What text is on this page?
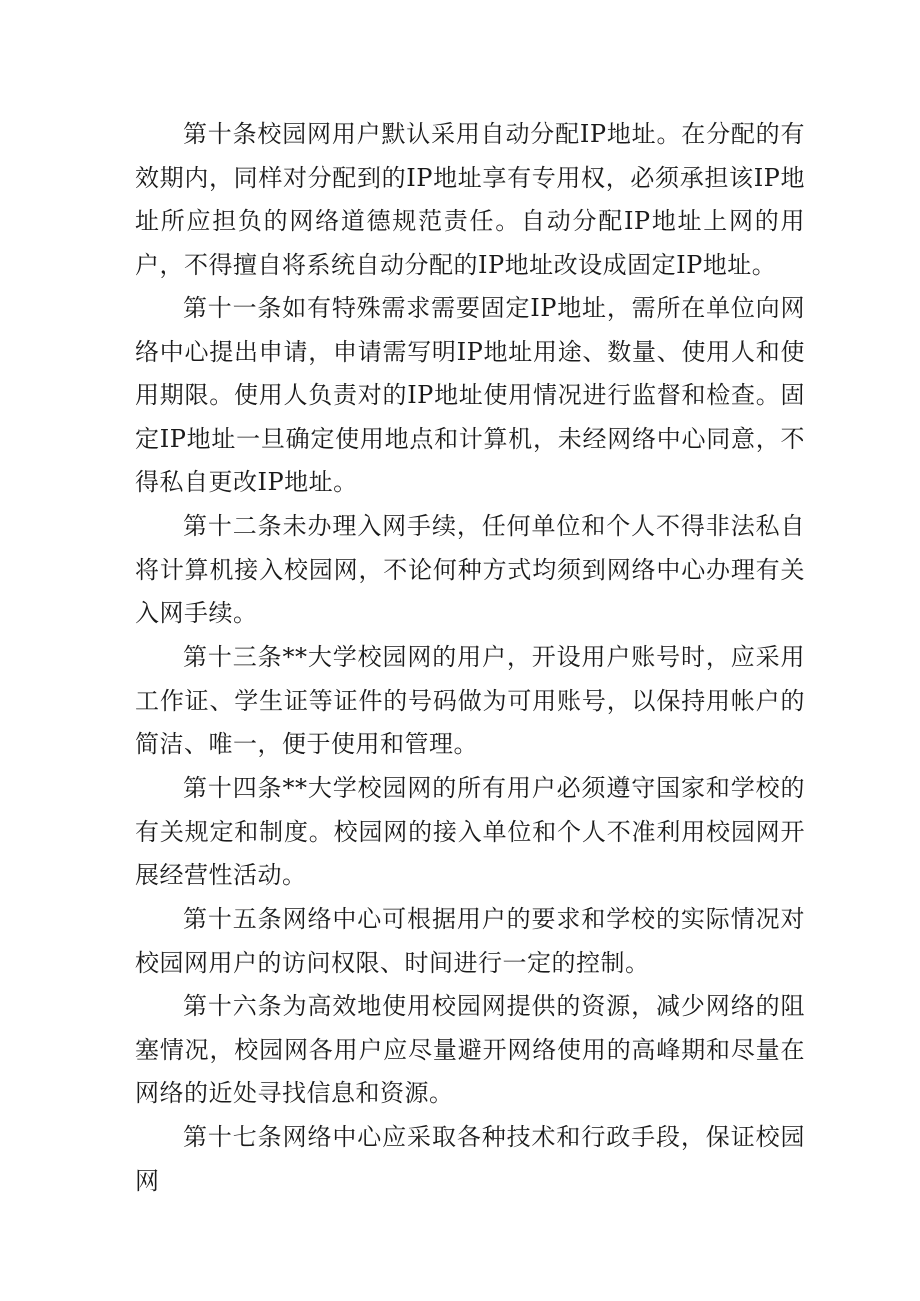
第十条校园网用户默认采用自动分配IP地址。在分配的有效期内，同样对分配到的IP地址享有专用权，必须承担该IP地址所应担负的网络道德规范责任。自动分配IP地址上网的用户，不得擅自将系统自动分配的IP地址改设成固定IP地址。

第十一条如有特殊需求需要固定IP地址，需所在单位向网络中心提出申请，申请需写明IP地址用途、数量、使用人和使用期限。使用人负责对的IP地址使用情况进行监督和检查。固定IP地址一旦确定使用地点和计算机，未经网络中心同意，不得私自更改IP地址。

第十二条未办理入网手续，任何单位和个人不得非法私自将计算机接入校园网，不论何种方式均须到网络中心办理有关入网手续。

第十三条**大学校园网的用户，开设用户账号时，应采用工作证、学生证等证件的号码做为可用账号，以保持用帐户的简洁、唯一，便于使用和管理。

第十四条**大学校园网的所有用户必须遵守国家和学校的有关规定和制度。校园网的接入单位和个人不准利用校园网开展经营性活动。

第十五条网络中心可根据用户的要求和学校的实际情况对校园网用户的访问权限、时间进行一定的控制。

第十六条为高效地使用校园网提供的资源，减少网络的阻塞情况，校园网各用户应尽量避开网络使用的高峰期和尽量在网络的近处寻找信息和资源。

第十七条网络中心应采取各种技术和行政手段，保证校园网
